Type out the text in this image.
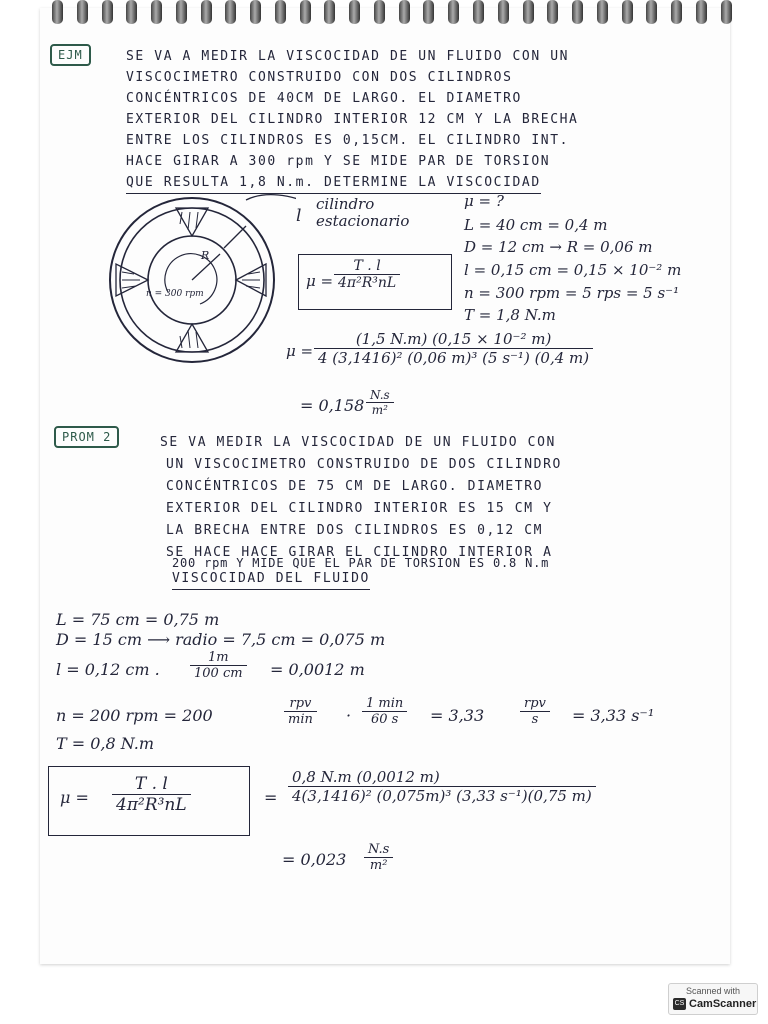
EJM	SE VA A MEDIR LA VISCOCIDAD DE UN FLUIDO CON UN
VISCOCIMETRO CONSTRUIDO CON DOS CILINDROS
CONCÉNTRICOS DE 40CM DE LARGO. EL DIAMETRO
EXTERIOR DEL CILINDRO INTERIOR 12 CM Y LA BRECHA
ENTRE LOS CILINDROS ES 0,15CM. EL CILINDRO INT.
HACE GIRAR A 300 rpm Y SE MIDE PAR DE TORSION
QUE RESULTA 1,8 N.m. DETERMINE LA VISCOCIDAD
cilindro estacionario
l
R
n = 300 rpm
$\mu = \frac{T . l}{\text{4π²R³nL}}$
μ = ?
L = 40 cm = 0,4 m
D = 12 cm → R = 0,06 m
l = 0,15 cm = 0,15 × 10⁻² m
n = 300 rpm = 5 rps = 5 s⁻¹
T = 1,8 N.m
$\mu = \frac{\text{(1,5 N.m) (0,15 × 10⁻² m)}}{\text{4 (3,1416)² (0,06 m)³ (5 s⁻¹) (0,4 m)}}$
= $0,158 \frac{N.s}{\text{m²}}$
PROM 2	SE VA MEDIR LA VISCOCIDAD DE UN FLUIDO CON
UN VISCOCIMETRO CONSTRUIDO DE DOS CILINDRO
CONCÉNTRICOS DE 75 CM DE LARGO. DIAMETRO
EXTERIOR DEL CILINDRO INTERIOR ES 15 CM Y
LA BRECHA ENTRE DOS CILINDROS ES 0,12 CM
SE HACE HACE GIRAR EL CILINDRO INTERIOR A
200 rpm Y MIDE QUE EL PAR DE TORSION ES 0.8 N.m
VISCOCIDAD DEL FLUIDO
L = 75 cm = 0,75 m
D = 15 cm ⟶ radio = 7,5 cm = 0,075 m
l = 0,12 cm . $\frac{1m}{100 cm} = 0,0012$ m
n = 200 rpm = 200
rpv
min ·
1 min
60 s	= 3,33
rpv
s	= 3,33 s⁻¹
T = 0,8 N.m
$\mu = \frac{T . l}{\text{4π²R³nL}}$	= $\frac{0,8 N.m (0,0012 m)}{\text{4(3,1416)² (0,075m)³ (3,33 s⁻¹)(0,75 m)}}$
= $0,023 \frac{N.s}{\text{m²}}$
Scanned with
CS CamScanner
